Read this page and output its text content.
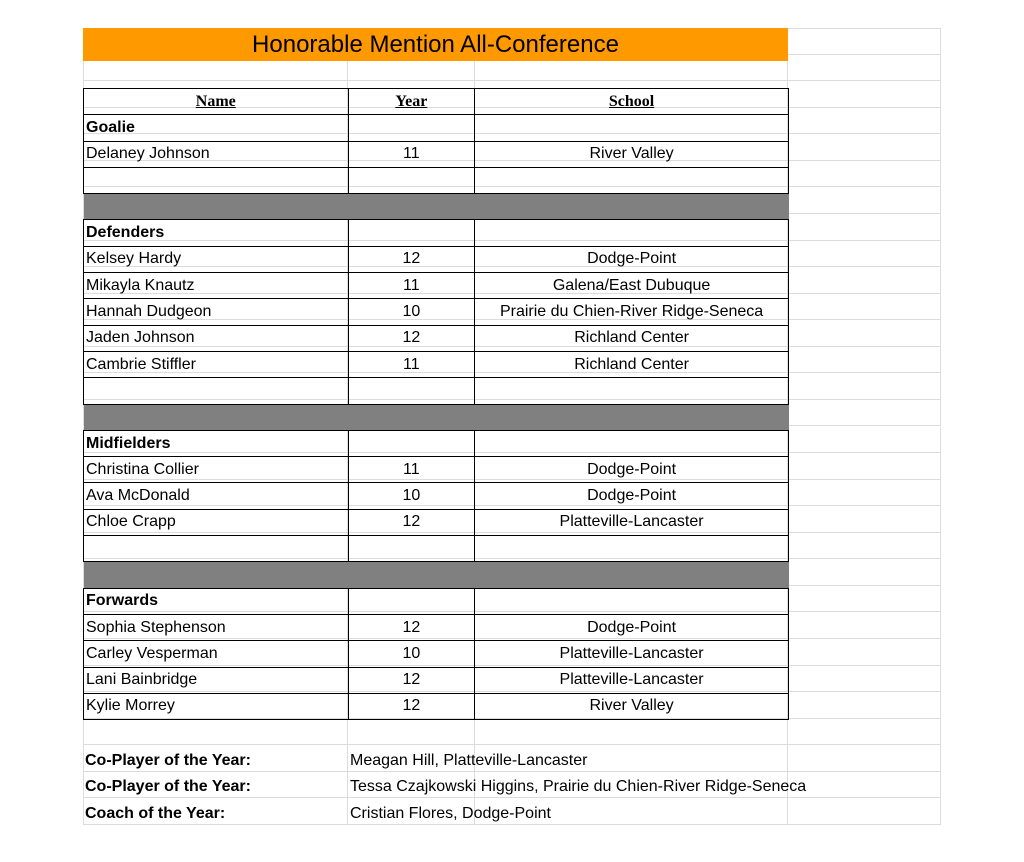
Honorable Mention All-Conference
Name	Year	School
Goalie		
Delaney Johnson	11	River Valley

Defenders		
Kelsey Hardy	12	Dodge-Point
Mikayla Knautz	11	Galena/East Dubuque
Hannah Dudgeon	10	Prairie du Chien-River Ridge-Seneca
Jaden Johnson	12	Richland Center
Cambrie Stiffler	11	Richland Center

Midfielders		
Christina Collier	11	Dodge-Point
Ava McDonald	10	Dodge-Point
Chloe Crapp	12	Platteville-Lancaster

Forwards		
Sophia Stephenson	12	Dodge-Point
Carley Vesperman	10	Platteville-Lancaster
Lani Bainbridge	12	Platteville-Lancaster
Kylie Morrey	12	River Valley
Co-Player of the Year:	Meagan Hill, Platteville-Lancaster
Co-Player of the Year:	Tessa Czajkowski Higgins, Prairie du Chien-River Ridge-Seneca
Coach of the Year:	Cristian Flores, Dodge-Point
